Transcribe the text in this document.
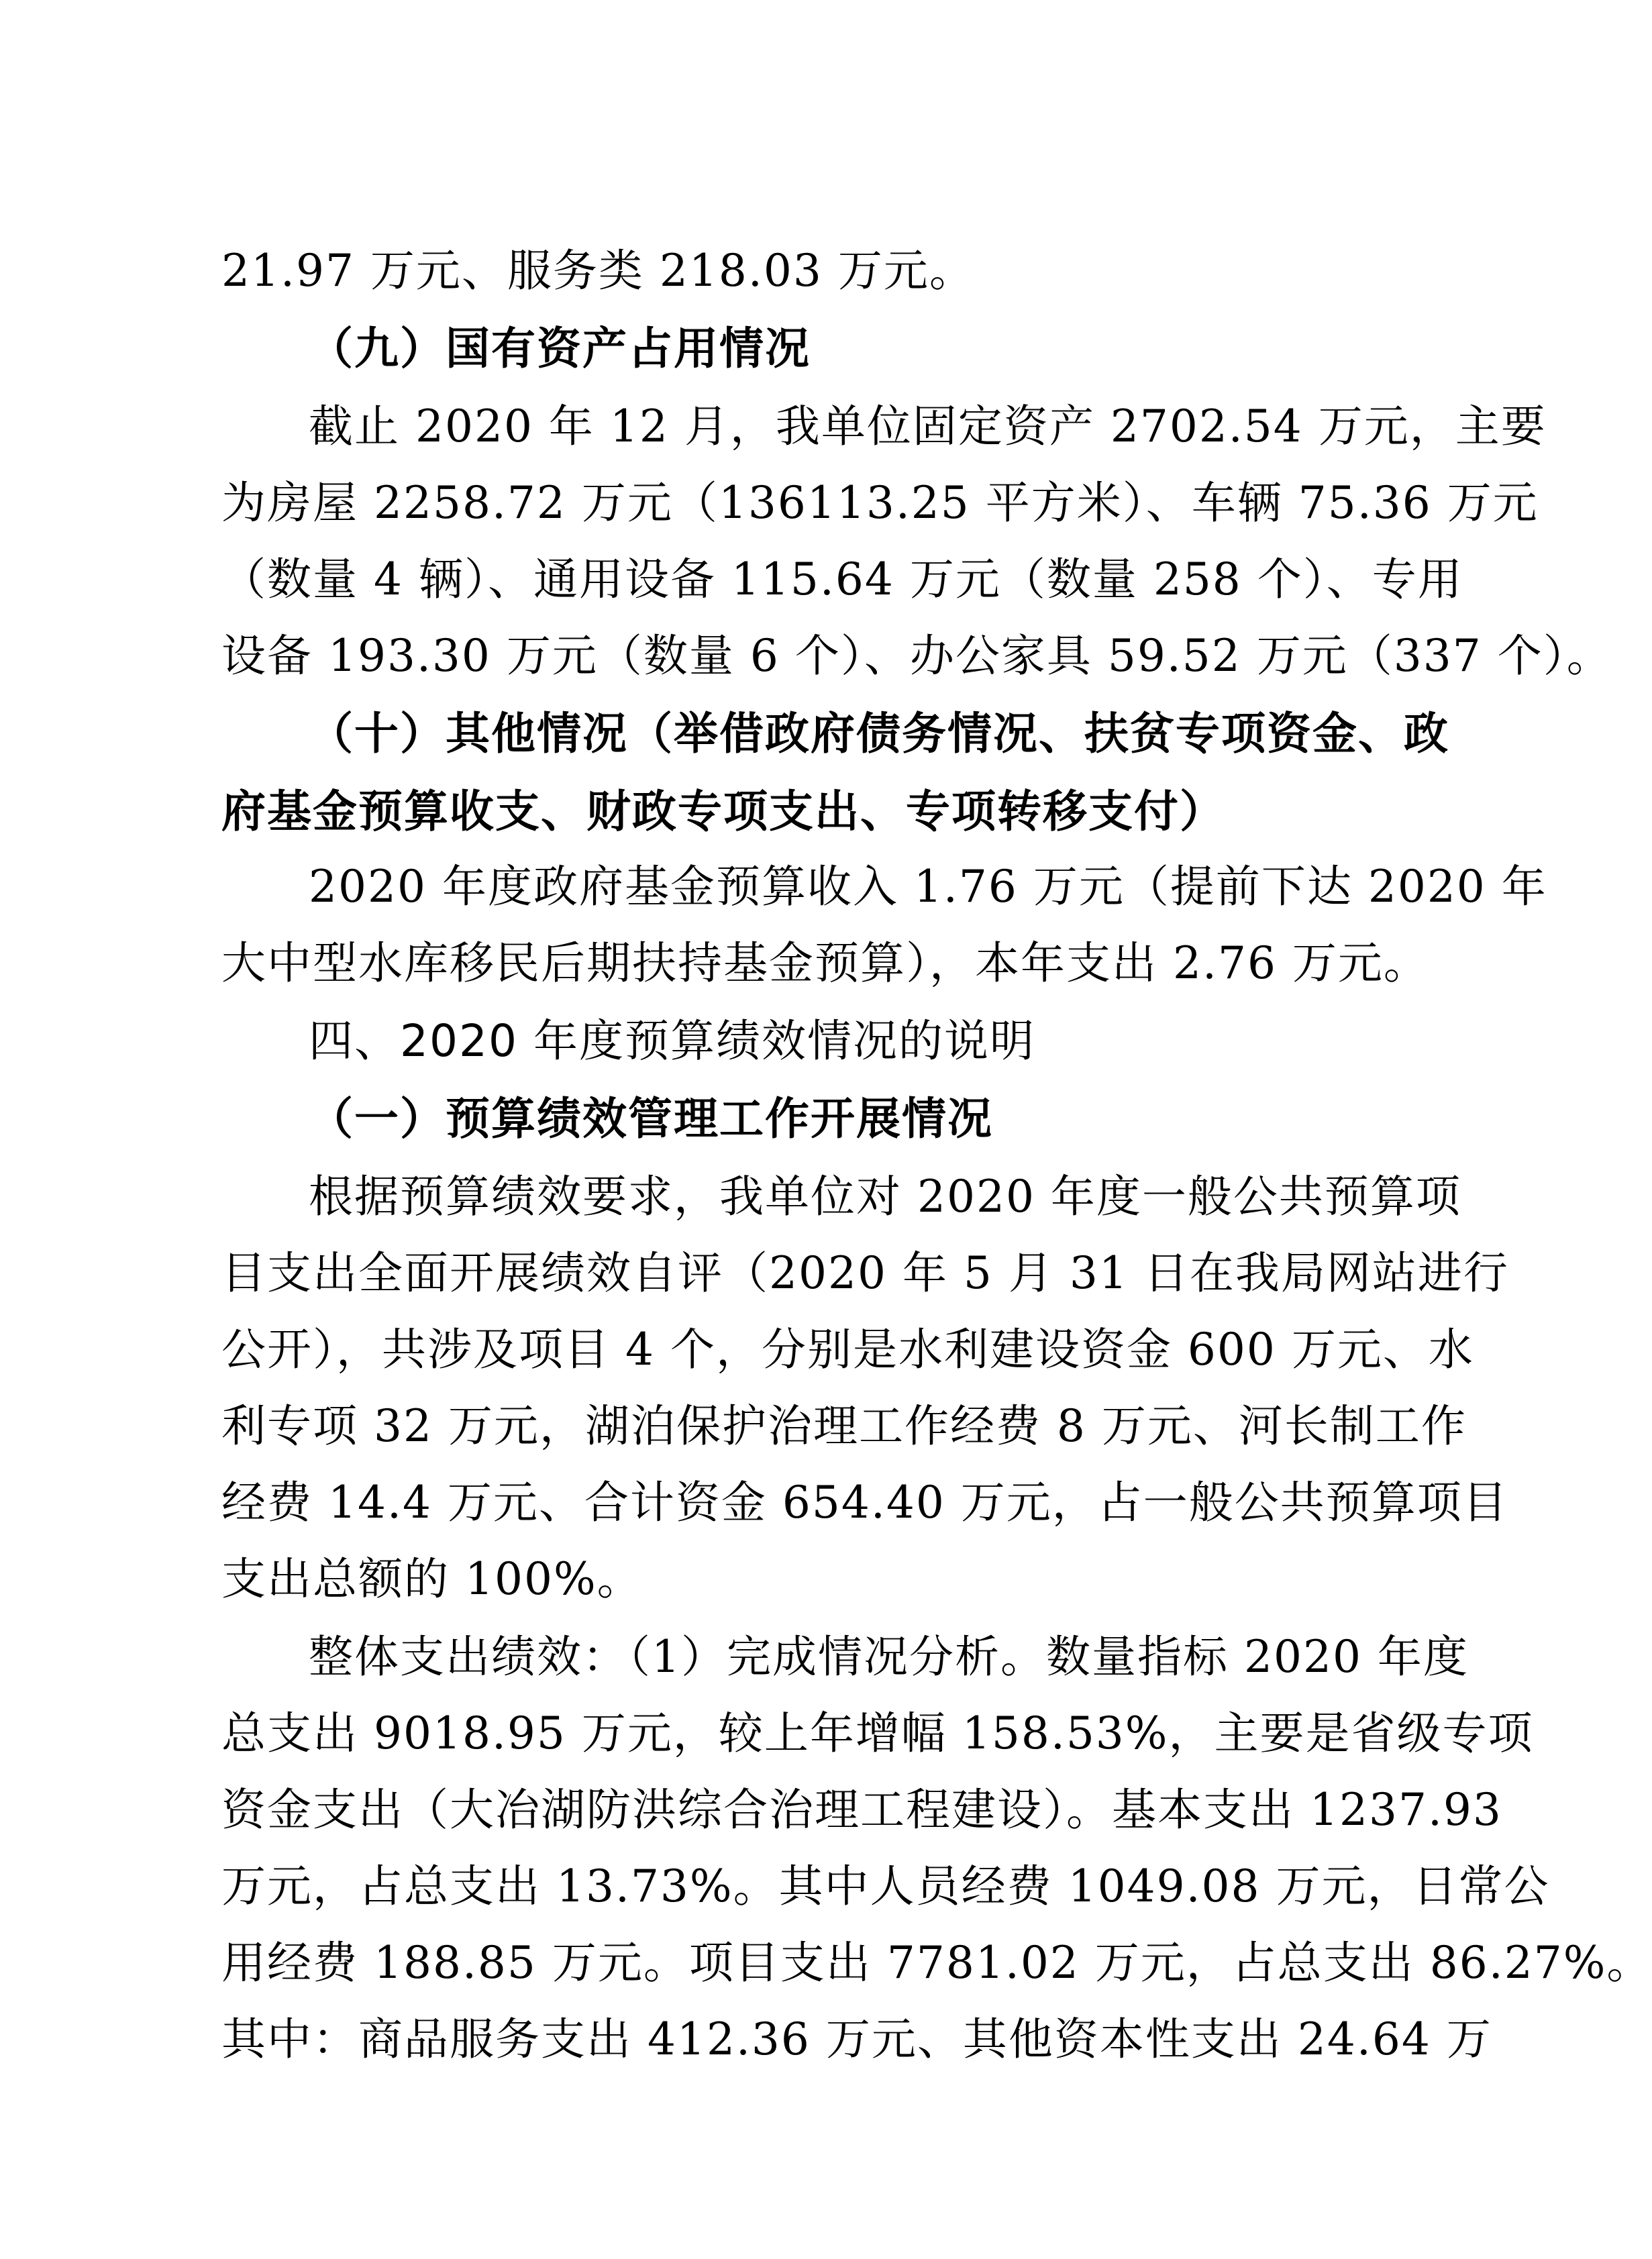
21.97 万元、服务类 218.03 万元。
（九）国有资产占用情况
截止 2020 年 12 月，我单位固定资产 2702.54 万元，主要
为房屋 2258.72 万元（136113.25 平方米）、车辆 75.36 万元
（数量 4 辆）、通用设备 115.64 万元（数量 258 个）、专用
设备 193.30 万元（数量 6 个）、办公家具 59.52 万元（337 个）。
（十）其他情况（举借政府债务情况、扶贫专项资金、政
府基金预算收支、财政专项支出、专项转移支付）
2020 年度政府基金预算收入 1.76 万元（提前下达 2020 年
大中型水库移民后期扶持基金预算），本年支出 2.76 万元。
四、2020 年度预算绩效情况的说明
（一）预算绩效管理工作开展情况
根据预算绩效要求，我单位对 2020 年度一般公共预算项
目支出全面开展绩效自评（2020 年 5 月 31 日在我局网站进行
公开），共涉及项目 4 个，分别是水利建设资金 600 万元、水
利专项 32 万元，湖泊保护治理工作经费 8 万元、河长制工作
经费 14.4 万元、合计资金 654.40 万元，占一般公共预算项目
支出总额的 100%。
整体支出绩效：（1）完成情况分析。数量指标 2020 年度
总支出 9018.95 万元，较上年增幅 158.53%，主要是省级专项
资金支出（大冶湖防洪综合治理工程建设）。基本支出 1237.93
万元，占总支出 13.73%。其中人员经费 1049.08 万元，日常公
用经费 188.85 万元。项目支出 7781.02 万元，占总支出 86.27%。
其中：商品服务支出 412.36 万元、其他资本性支出 24.64 万
